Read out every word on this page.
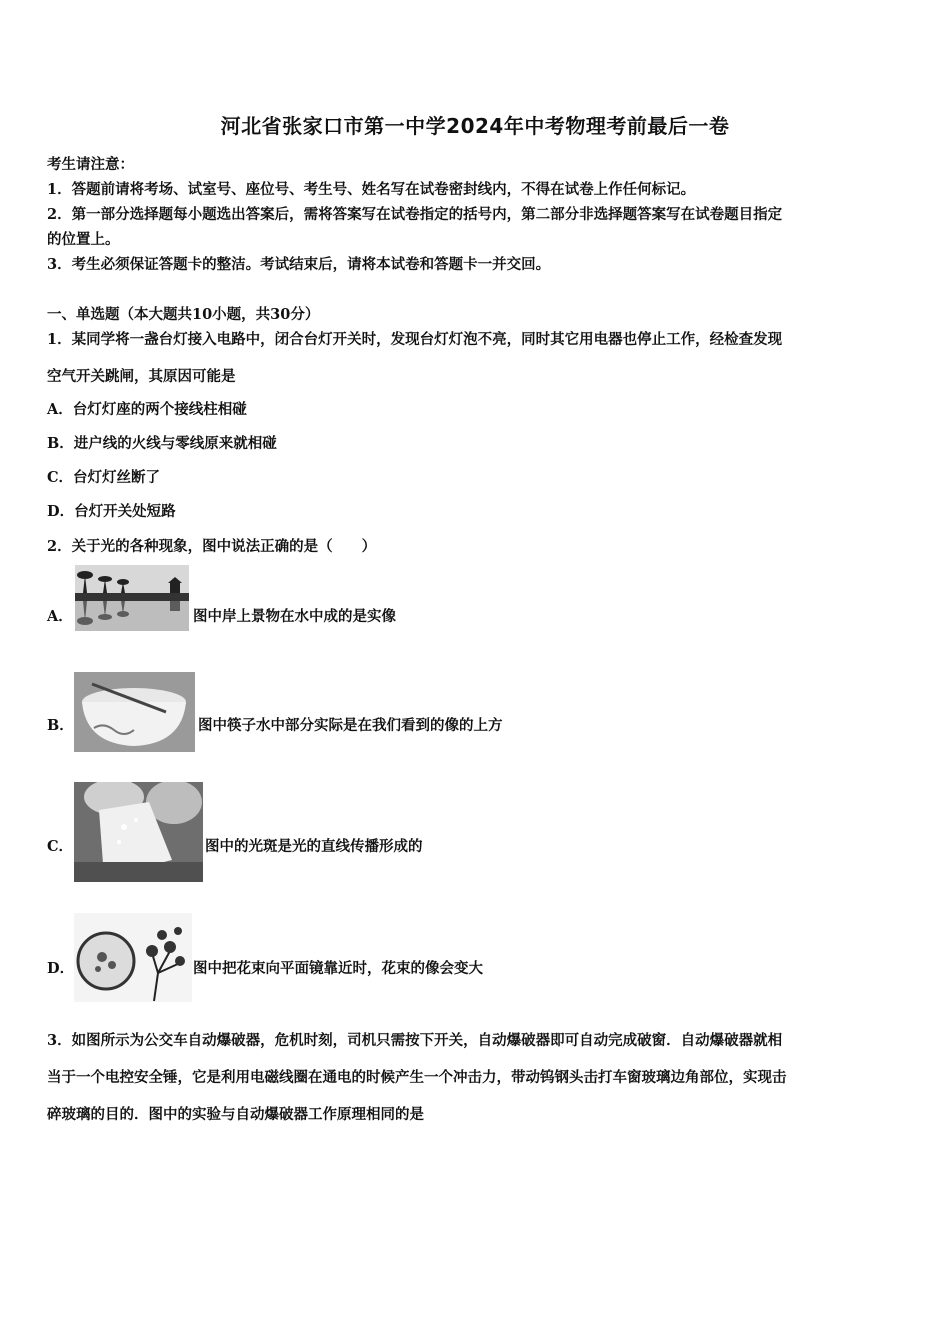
河北省张家口市第一中学2024年中考物理考前最后一卷
考生请注意：
1．答题前请将考场、试室号、座位号、考生号、姓名写在试卷密封线内，不得在试卷上作任何标记。
2．第一部分选择题每小题选出答案后，需将答案写在试卷指定的括号内，第二部分非选择题答案写在试卷题目指定
的位置上。
3．考生必须保证答题卡的整洁。考试结束后，请将本试卷和答题卡一并交回。
一、单选题（本大题共10小题，共30分）
1．某同学将一盏台灯接入电路中，闭合台灯开关时，发现台灯灯泡不亮，同时其它用电器也停止工作，经检查发现
空气开关跳闸，其原因可能是
A．台灯灯座的两个接线柱相碰
B．进户线的火线与零线原来就相碰
C．台灯灯丝断了
D．台灯开关处短路
2．关于光的各种现象，图中说法正确的是（　　）
A．	图中岸上景物在水中成的是实像
B．	图中筷子水中部分实际是在我们看到的像的上方
C．	图中的光斑是光的直线传播形成的
D．	图中把花束向平面镜靠近时，花束的像会变大
3．如图所示为公交车自动爆破器，危机时刻，司机只需按下开关，自动爆破器即可自动完成破窗．自动爆破器就相
当于一个电控安全锤，它是利用电磁线圈在通电的时候产生一个冲击力，带动钨钢头击打车窗玻璃边角部位，实现击
碎玻璃的目的．图中的实验与自动爆破器工作原理相同的是
